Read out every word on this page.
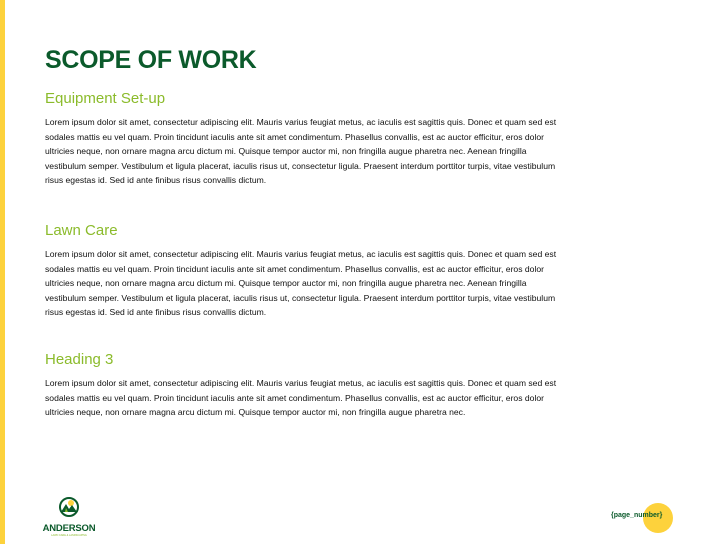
SCOPE OF WORK
Equipment Set-up
Lorem ipsum dolor sit amet, consectetur adipiscing elit. Mauris varius feugiat metus, ac iaculis est sagittis quis. Donec et quam sed est
sodales mattis eu vel quam. Proin tincidunt iaculis ante sit amet condimentum. Phasellus convallis, est ac auctor efficitur, eros dolor
ultricies neque, non ornare magna arcu dictum mi. Quisque tempor auctor mi, non fringilla augue pharetra nec. Aenean fringilla
vestibulum semper. Vestibulum et ligula placerat, iaculis risus ut, consectetur ligula. Praesent interdum porttitor turpis, vitae vestibulum
risus egestas id. Sed id ante finibus risus convallis dictum.
Lawn Care
Lorem ipsum dolor sit amet, consectetur adipiscing elit. Mauris varius feugiat metus, ac iaculis est sagittis quis. Donec et quam sed est
sodales mattis eu vel quam. Proin tincidunt iaculis ante sit amet condimentum. Phasellus convallis, est ac auctor efficitur, eros dolor
ultricies neque, non ornare magna arcu dictum mi. Quisque tempor auctor mi, non fringilla augue pharetra nec. Aenean fringilla
vestibulum semper. Vestibulum et ligula placerat, iaculis risus ut, consectetur ligula. Praesent interdum porttitor turpis, vitae vestibulum
risus egestas id. Sed id ante finibus risus convallis dictum.
Heading 3
Lorem ipsum dolor sit amet, consectetur adipiscing elit. Mauris varius feugiat metus, ac iaculis est sagittis quis. Donec et quam sed est
sodales mattis eu vel quam. Proin tincidunt iaculis ante sit amet condimentum. Phasellus convallis, est ac auctor efficitur, eros dolor
ultricies neque, non ornare magna arcu dictum mi. Quisque tempor auctor mi, non fringilla augue pharetra nec.
ANDERSON
LAWN CARE & LANDSCAPING
{page_number}
